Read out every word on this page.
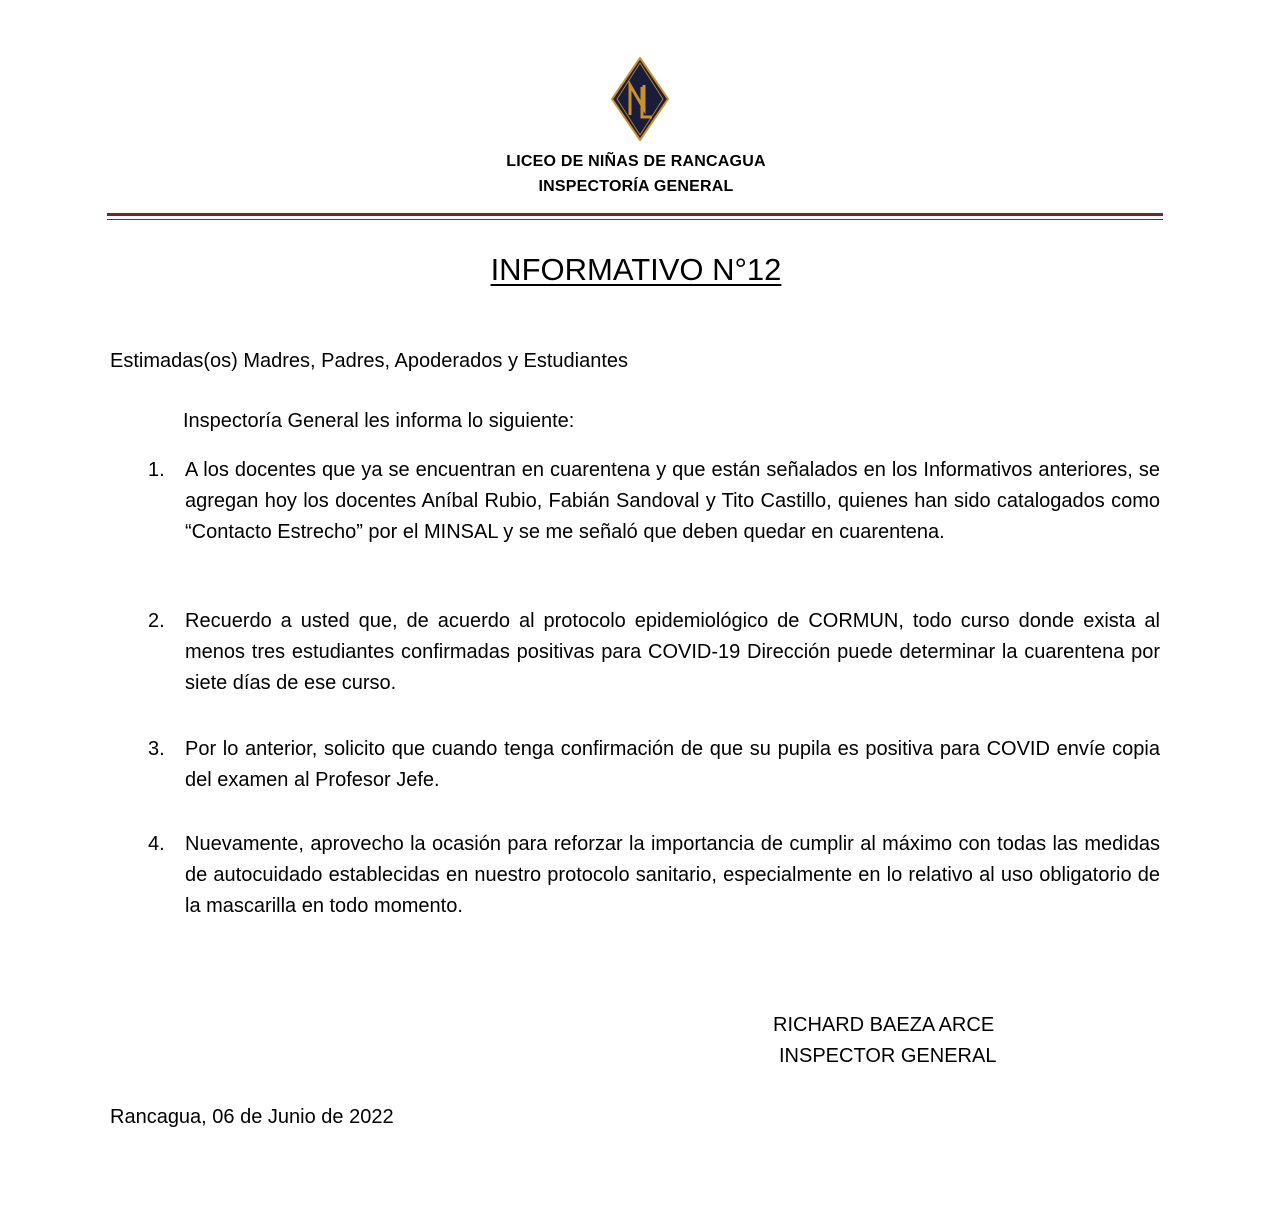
LICEO DE NIÑAS DE RANCAGUA
INSPECTORÍA GENERAL
INFORMATIVO N°12
Estimadas(os) Madres, Padres, Apoderados y Estudiantes
Inspectoría General les informa lo siguiente:
1. A los docentes que ya se encuentran en cuarentena y que están señalados en los Informativos anteriores, se agregan hoy los docentes Aníbal Rubio, Fabián Sandoval y Tito Castillo, quienes han sido catalogados como “Contacto Estrecho” por el MINSAL y se me señaló que deben quedar en cuarentena.
2. Recuerdo a usted que, de acuerdo al protocolo epidemiológico de CORMUN, todo curso donde exista al menos tres estudiantes confirmadas positivas para COVID-19 Dirección puede determinar la cuarentena por siete días de ese curso.
3. Por lo anterior, solicito que cuando tenga confirmación de que su pupila es positiva para COVID envíe copia del examen al Profesor Jefe.
4. Nuevamente, aprovecho la ocasión para reforzar la importancia de cumplir al máximo con todas las medidas de autocuidado establecidas en nuestro protocolo sanitario, especialmente en lo relativo al uso obligatorio de la mascarilla en todo momento.
RICHARD BAEZA ARCE
INSPECTOR GENERAL
Rancagua, 06 de Junio de 2022
